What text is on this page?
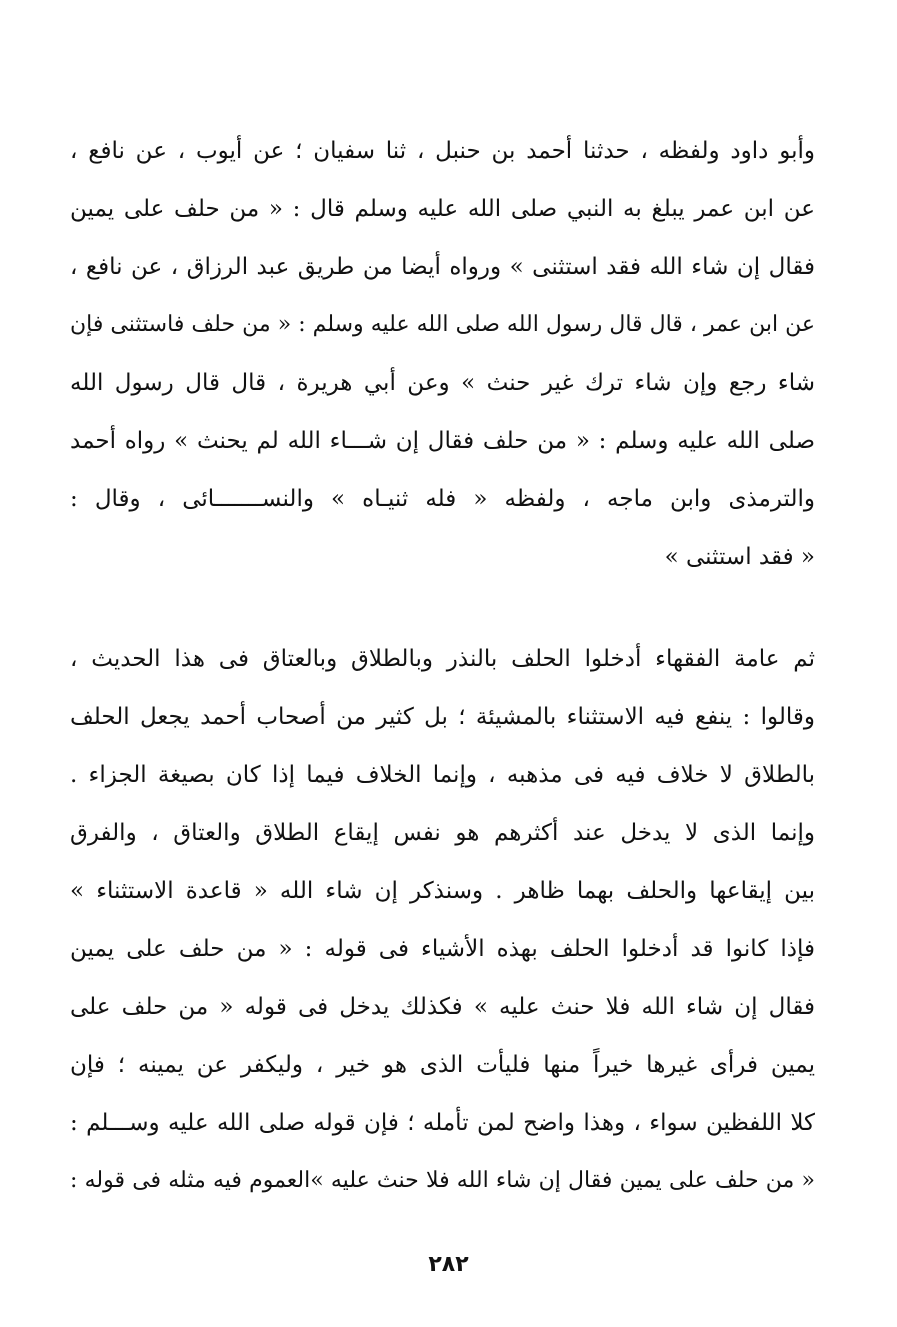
وأبو داود ولفظه ، حدثنا أحمد بن حنبل ، ثنا سفيان ؛ عن أيوب ، عن نافع ،
عن ابن عمر يبلغ به النبي صلى الله عليه وسلم قال : « من حلف على يمين
فقال إن شاء الله فقد استثنى » ورواه أيضا من طريق عبد الرزاق ، عن نافع ،
عن ابن عمر ، قال قال رسول الله صلى الله عليه وسلم : « من حلف فاستثنى فإن
شاء رجع وإن شاء ترك غير حنث » وعن أبي هريرة ، قال قال رسول الله
صلى الله عليه وسلم : « من حلف فقال إن شـــاء الله لم يحنث » رواه أحمد
والترمذى وابن ماجه ، ولفظه « فله ثنيـاه » والنســـــــائى ، وقال :
« فقد استثنى »
ثم عامة الفقهاء أدخلوا الحلف بالنذر وبالطلاق وبالعتاق فى هذا الحديث ،
وقالوا : ينفع فيه الاستثناء بالمشيئة ؛ بل كثير من أصحاب أحمد يجعل الحلف
بالطلاق لا خلاف فيه فى مذهبه ، وإنما الخلاف فيما إذا كان بصيغة الجزاء .
وإنما الذى لا يدخل عند أكثرهم هو نفس إيقاع الطلاق والعتاق ، والفرق
بين إيقاعها والحلف بهما ظاهر . وسنذكر إن شاء الله « قاعدة الاستثناء »
فإذا كانوا قد أدخلوا الحلف بهذه الأشياء فى قوله : « من حلف على يمين
فقال إن شاء الله فلا حنث عليه » فكذلك يدخل فى قوله « من حلف على
يمين فرأى غيرها خيراً منها فليأت الذى هو خير ، وليكفر عن يمينه ؛ فإن
كلا اللفظين سواء ، وهذا واضح لمن تأمله ؛ فإن قوله صلى الله عليه وســـلم :
« من حلف على يمين فقال إن شاء الله فلا حنث عليه »العموم فيه مثله فى قوله :
٢٨٢
